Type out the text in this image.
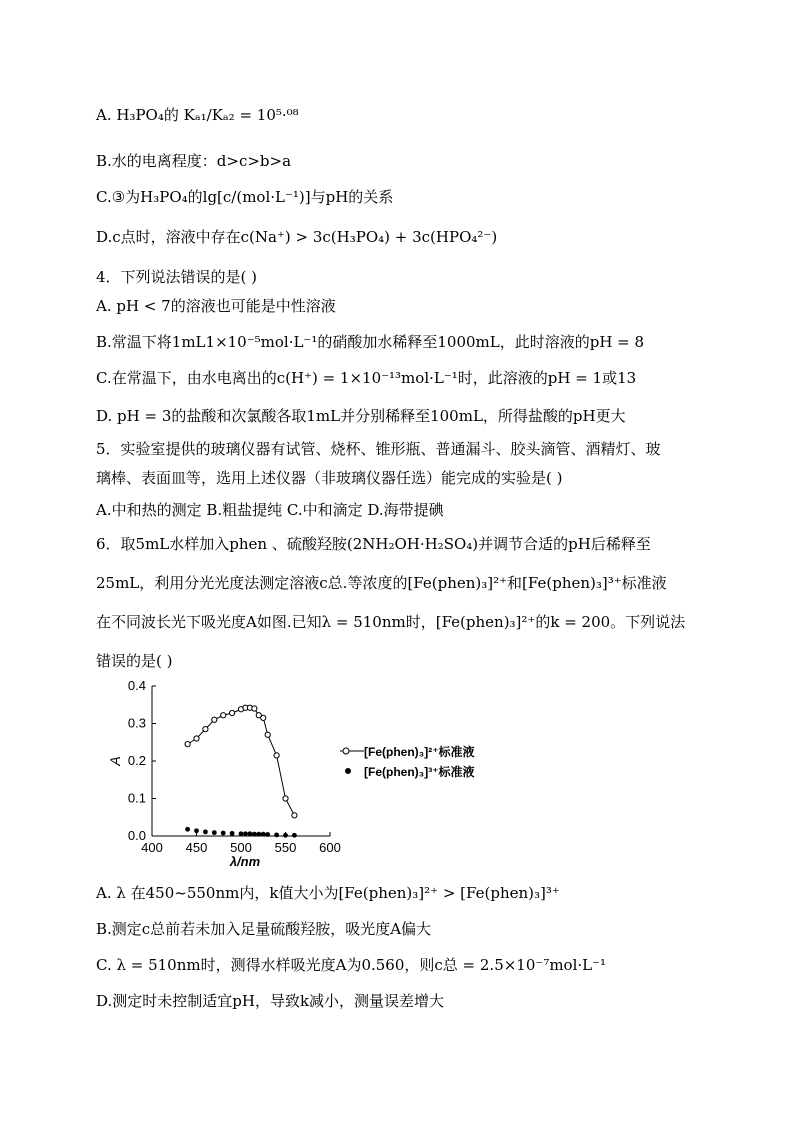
A. H₃PO₄的 Kₐ₁/Kₐ₂ = 10⁵·⁰⁸
B.水的电离程度：d>c>b>a
C.③为H₃PO₄的lg[c/(mol·L⁻¹)]与pH的关系
D.c点时，溶液中存在c(Na⁺) > 3c(H₃PO₄) + 3c(HPO₄²⁻)
4．下列说法错误的是( )
A. pH < 7的溶液也可能是中性溶液
B.常温下将1mL1×10⁻⁵mol·L⁻¹的硝酸加水稀释至1000mL，此时溶液的pH = 8
C.在常温下，由水电离出的c(H⁺) = 1×10⁻¹³mol·L⁻¹时，此溶液的pH = 1或13
D. pH = 3的盐酸和次氯酸各取1mL并分别稀释至100mL，所得盐酸的pH更大
5．实验室提供的玻璃仪器有试管、烧杯、锥形瓶、普通漏斗、胶头滴管、酒精灯、玻
璃棒、表面皿等，选用上述仪器（非玻璃仪器任选）能完成的实验是( )
A.中和热的测定 B.粗盐提纯 C.中和滴定 D.海带提碘
6．取5mL水样加入phen 、硫酸羟胺(2NH₂OH·H₂SO₄)并调节合适的pH后稀释至
25mL，利用分光光度法测定溶液c总.等浓度的[Fe(phen)₃]²⁺和[Fe(phen)₃]³⁺标准液
在不同波长光下吸光度A如图.已知λ = 510nm时，[Fe(phen)₃]²⁺的k = 200。下列说法
错误的是( )
400 450 500 550 600
0.0
0.1
0.2
0.3
0.4
λ/nm
A
[Fe(phen)₃]²⁺标准液
[Fe(phen)₃]³⁺标准液
A. λ 在450~550nm内，k值大小为[Fe(phen)₃]²⁺ > [Fe(phen)₃]³⁺
B.测定c总前若未加入足量硫酸羟胺，吸光度A偏大
C. λ = 510nm时，测得水样吸光度A为0.560，则c总 = 2.5×10⁻⁷mol·L⁻¹
D.测定时未控制适宜pH，导致k减小，测量误差增大
